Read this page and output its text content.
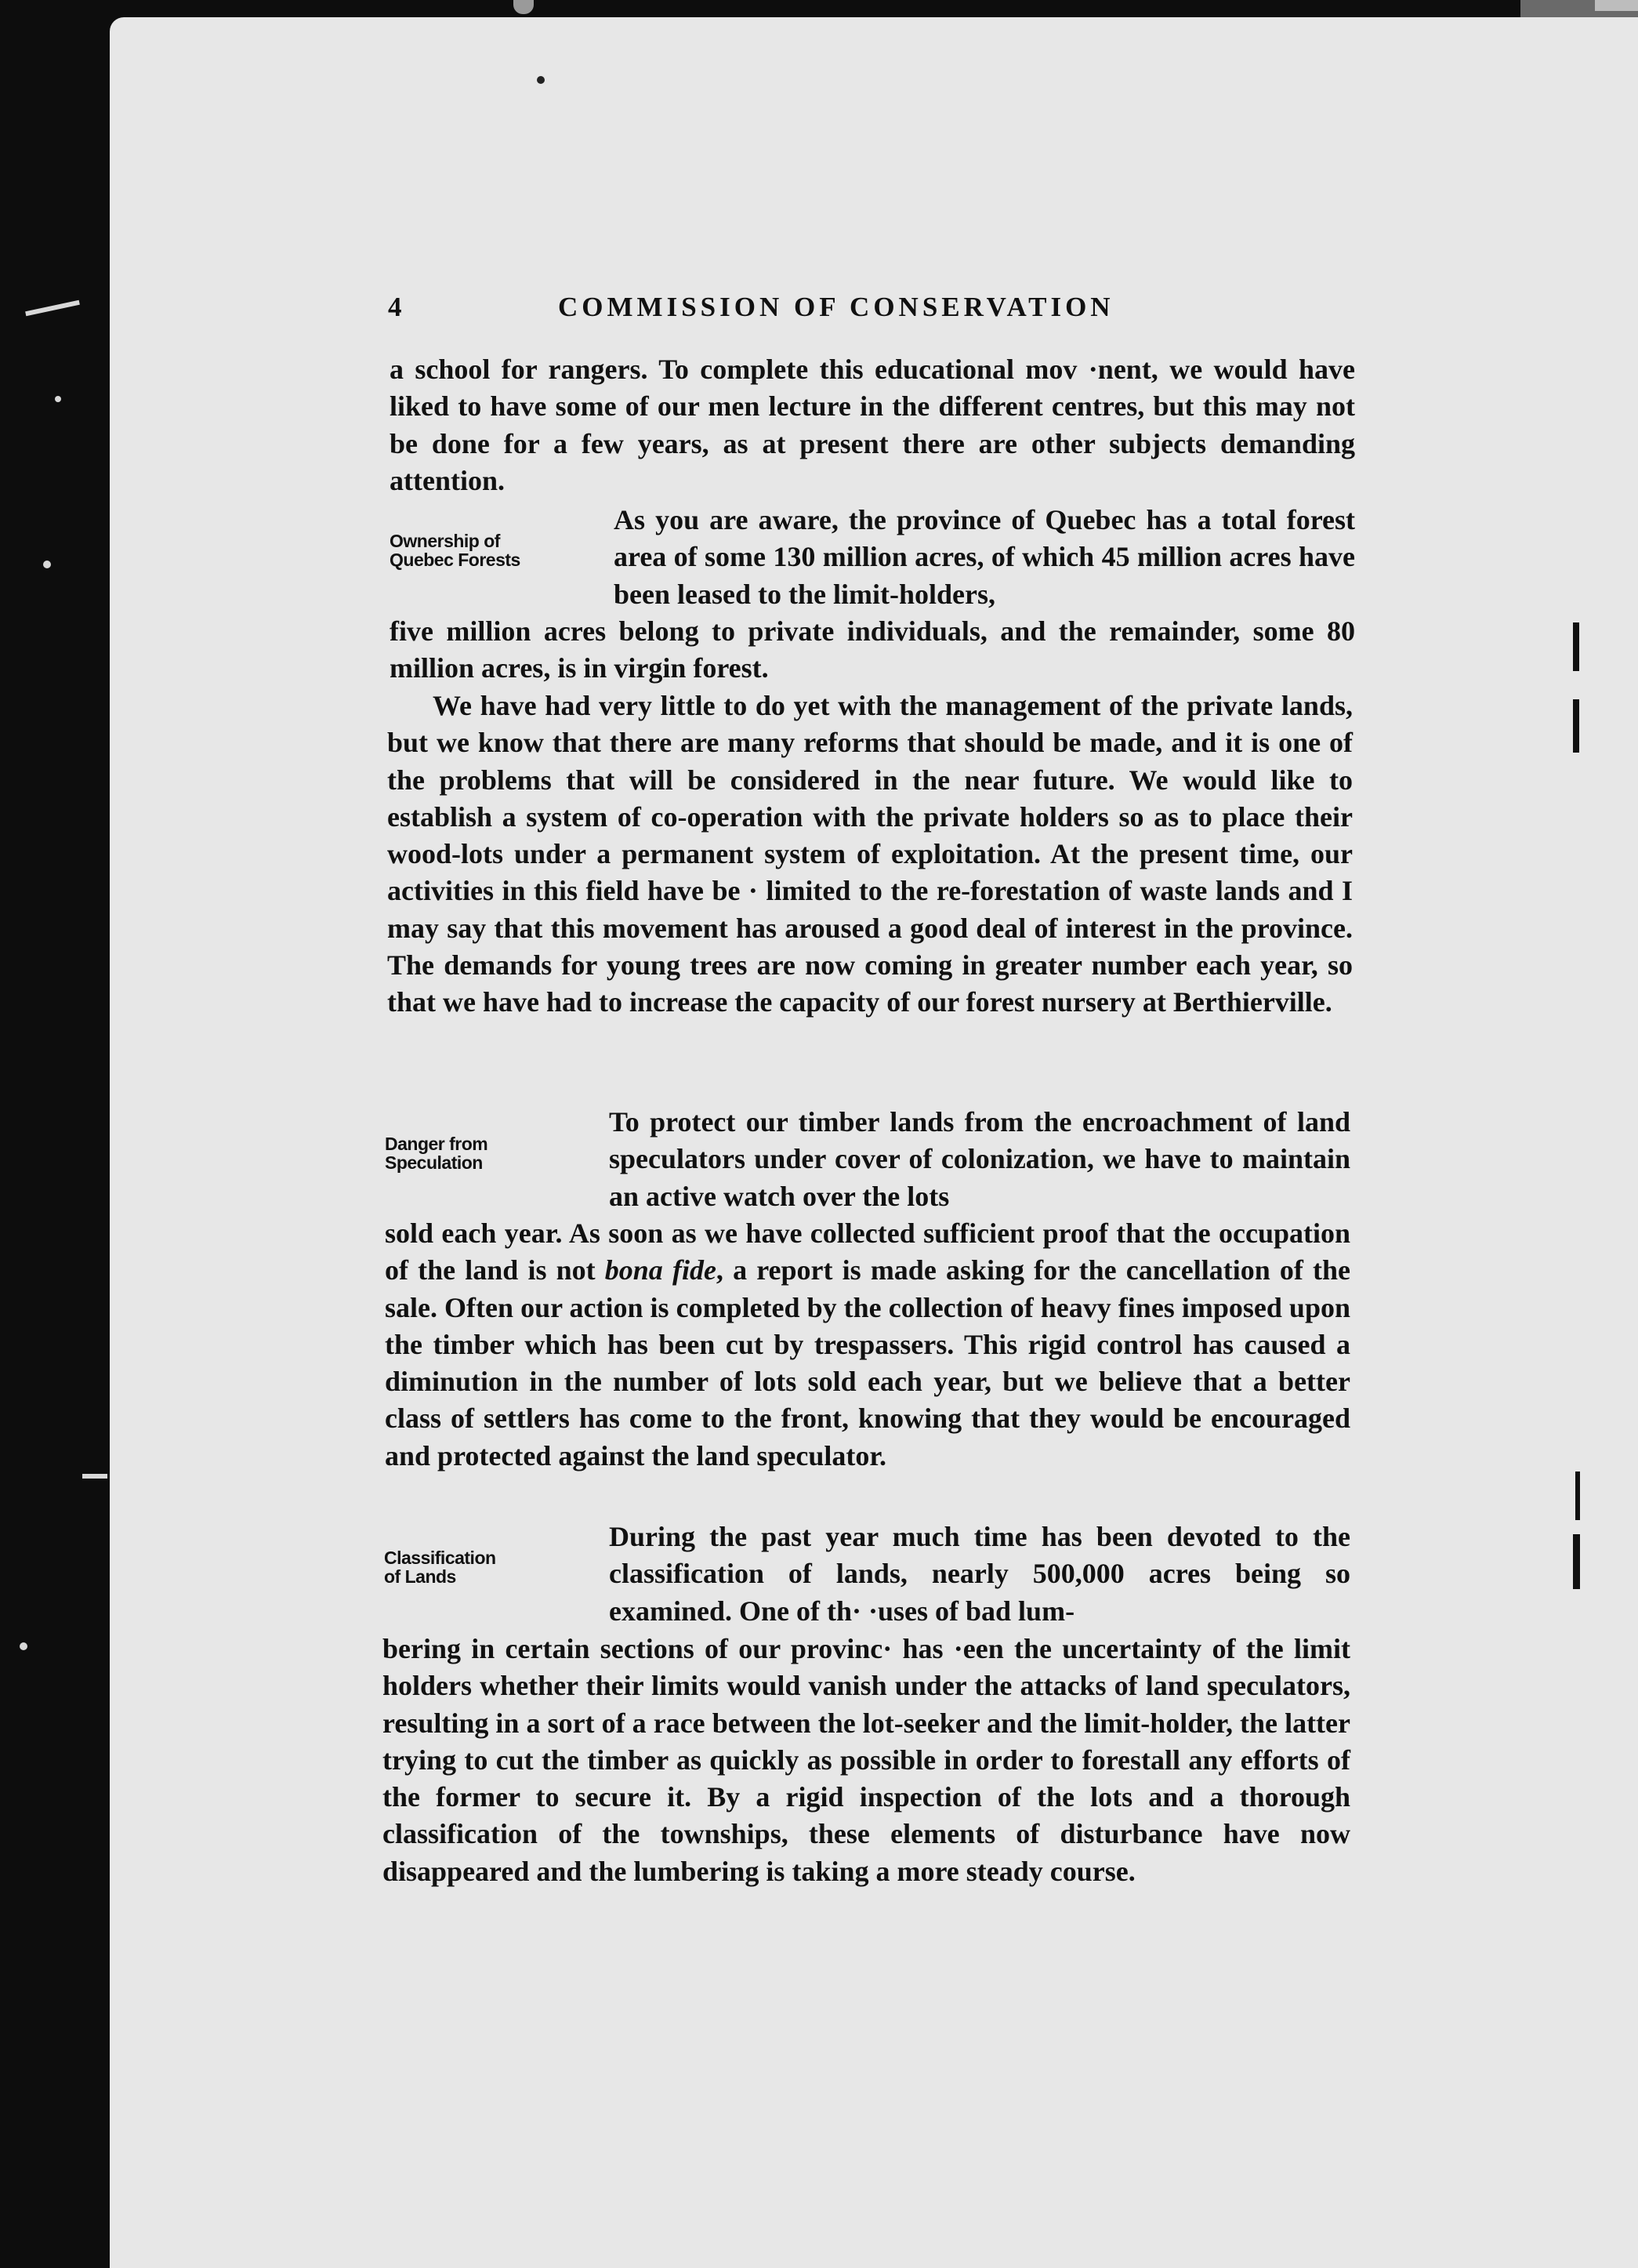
4	COMMISSION OF CONSERVATION

a school for rangers. To complete this educational mov ·nent, we would have liked to have some of our men lecture in the different centres, but this may not be done for a few years, as at present there are other subjects demanding attention.

Ownership of
Quebec Forests

As you are aware, the province of Quebec has a total forest area of some 130 million acres, of which 45 million acres have been leased to the limit-holders,

five million acres belong to private individuals, and the remainder, some 80 million acres, is in virgin forest.

We have had very little to do yet with the management of the private lands, but we know that there are many reforms that should be made, and it is one of the problems that will be considered in the near future. We would like to establish a system of co-operation with the private holders so as to place their wood-lots under a permanent system of exploitation. At the present time, our activities in this field have be · limited to the re-forestation of waste lands and I may say that this movement has aroused a good deal of interest in the province. The demands for young trees are now coming in greater number each year, so that we have had to increase the capacity of our forest nursery at Berthierville.

Danger from
Speculation

To protect our timber lands from the encroachment of land speculators under cover of colonization, we have to maintain an active watch over the lots

sold each year. As soon as we have collected sufficient proof that the occupation of the land is not bona fide, a report is made asking for the cancellation of the sale. Often our action is completed by the collection of heavy fines imposed upon the timber which has been cut by trespassers. This rigid control has caused a diminution in the number of lots sold each year, but we believe that a better class of settlers has come to the front, knowing that they would be encouraged and protected against the land speculator.

Classification
of Lands

During the past year much time has been devoted to the classification of lands, nearly 500,000 acres being so examined. One of th· ·uses of bad lum-

bering in certain sections of our provinc· has ·een the uncertainty of the limit holders whether their limits would vanish under the attacks of land speculators, resulting in a sort of a race between the lot-seeker and the limit-holder, the latter trying to cut the timber as quickly as possible in order to forestall any efforts of the former to secure it. By a rigid inspection of the lots and a thorough classification of the townships, these elements of disturbance have now disappeared and the lumbering is taking a more steady course.
